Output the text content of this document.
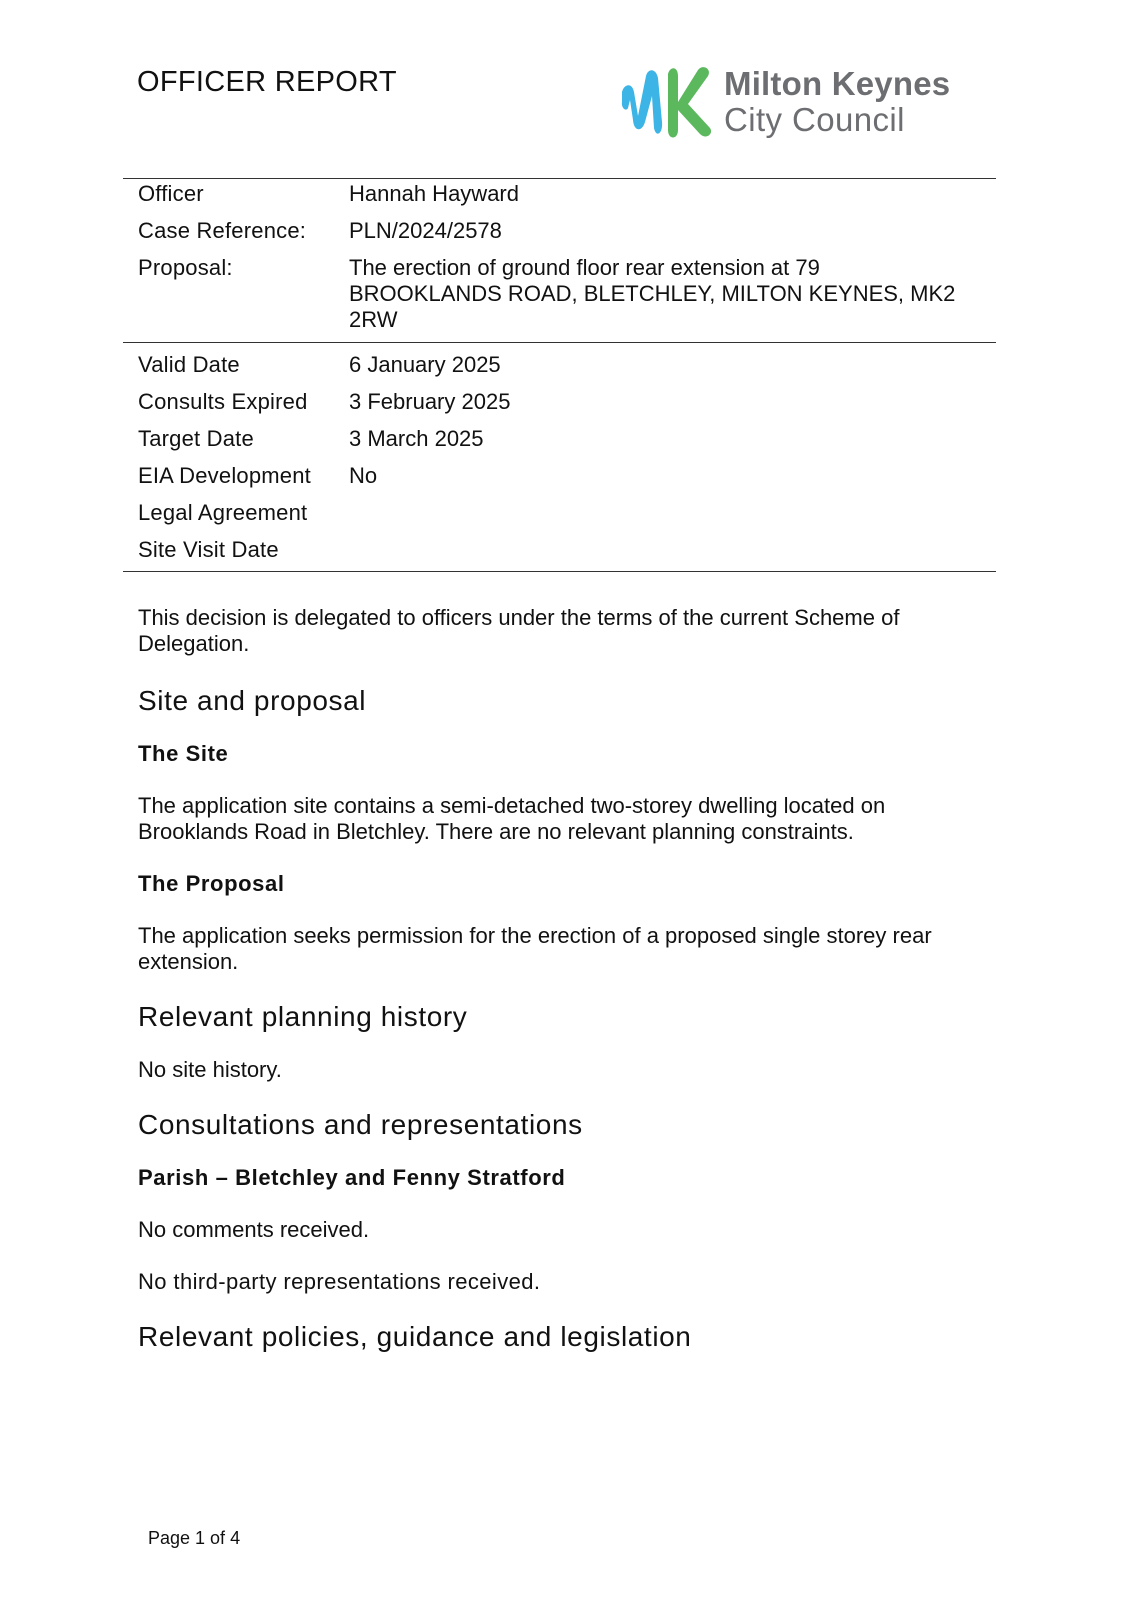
OFFICER REPORT	Milton Keynes
City Council
Officer	Hannah Hayward
Case Reference:	PLN/2024/2578
Proposal:	The erection of ground floor rear extension at 79
BROOKLANDS ROAD, BLETCHLEY, MILTON KEYNES, MK2
2RW
Valid Date	6 January 2025
Consults Expired	3 February 2025
Target Date	3 March 2025
EIA Development	No
Legal Agreement
Site Visit Date

This decision is delegated to officers under the terms of the current Scheme of
Delegation.

Site and proposal
The Site

The application site contains a semi-detached two-storey dwelling located on
Brooklands Road in Bletchley. There are no relevant planning constraints.

The Proposal

The application seeks permission for the erection of a proposed single storey rear
extension.

Relevant planning history

No site history.

Consultations and representations
Parish – Bletchley and Fenny Stratford

No comments received.

No third-party representations received.

Relevant policies, guidance and legislation
Page 1 of 4
